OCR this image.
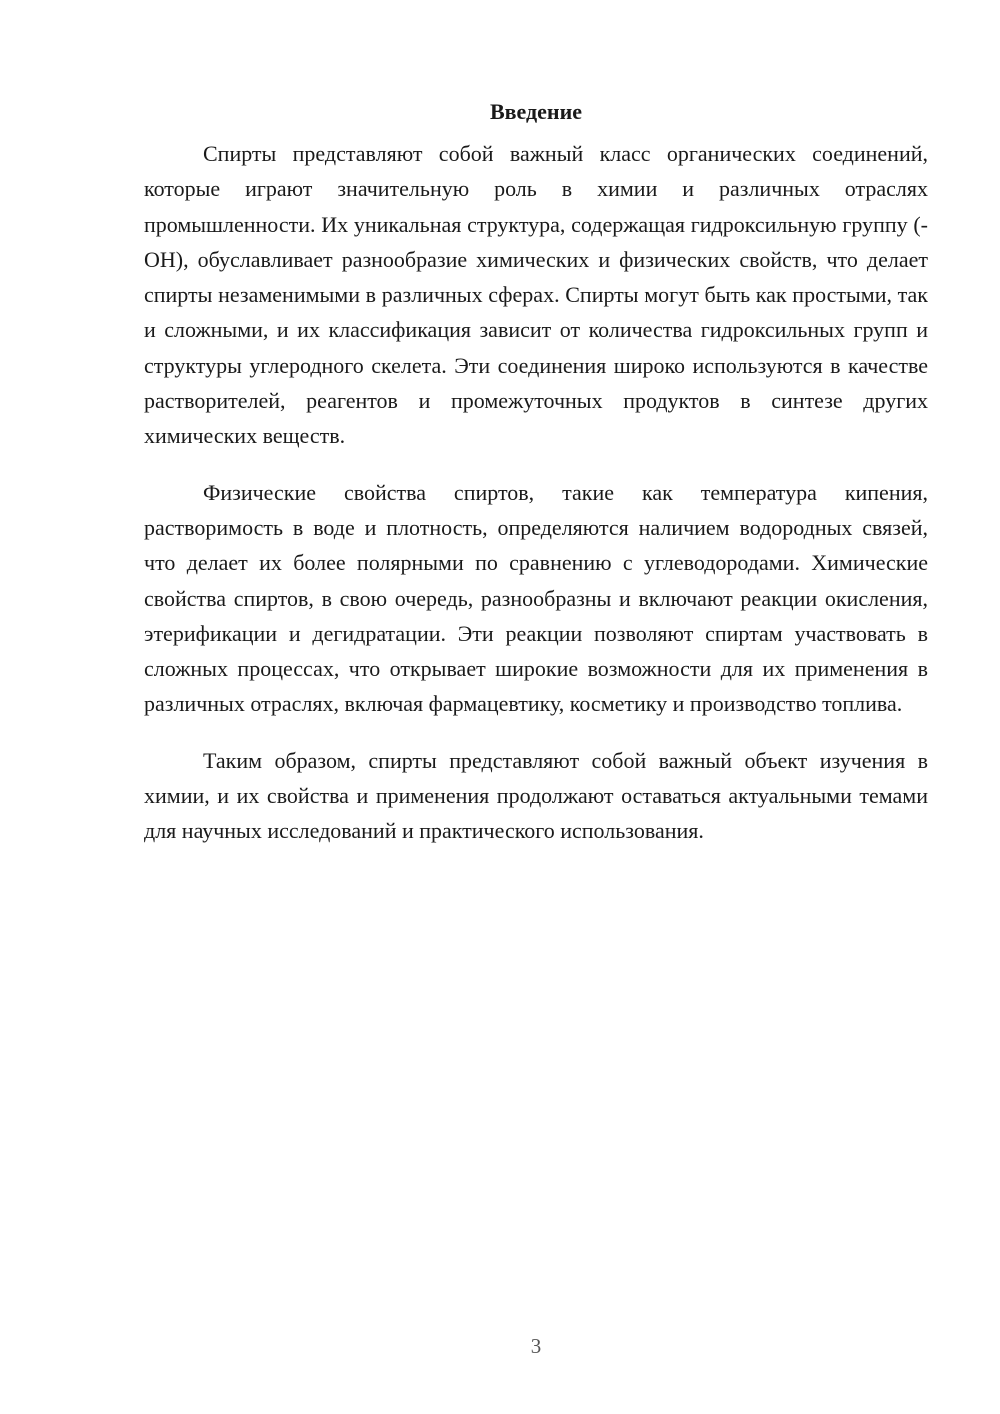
Введение

Спирты представляют собой важный класс органических соединений, которые играют значительную роль в химии и различных отраслях промышленности. Их уникальная структура, содержащая гидроксильную группу (-OH), обуславливает разнообразие химических и физических свойств, что делает спирты незаменимыми в различных сферах. Спирты могут быть как простыми, так и сложными, и их классификация зависит от количества гидроксильных групп и структуры углеродного скелета. Эти соединения широко используются в качестве растворителей, реагентов и промежуточных продуктов в синтезе других химических веществ.

Физические свойства спиртов, такие как температура кипения, растворимость в воде и плотность, определяются наличием водородных связей, что делает их более полярными по сравнению с углеводородами. Химические свойства спиртов, в свою очередь, разнообразны и включают реакции окисления, этерификации и дегидратации. Эти реакции позволяют спиртам участвовать в сложных процессах, что открывает широкие возможности для их применения в различных отраслях, включая фармацевтику, косметику и производство топлива.

Таким образом, спирты представляют собой важный объект изучения в химии, и их свойства и применения продолжают оставаться актуальными темами для научных исследований и практического использования.

3
